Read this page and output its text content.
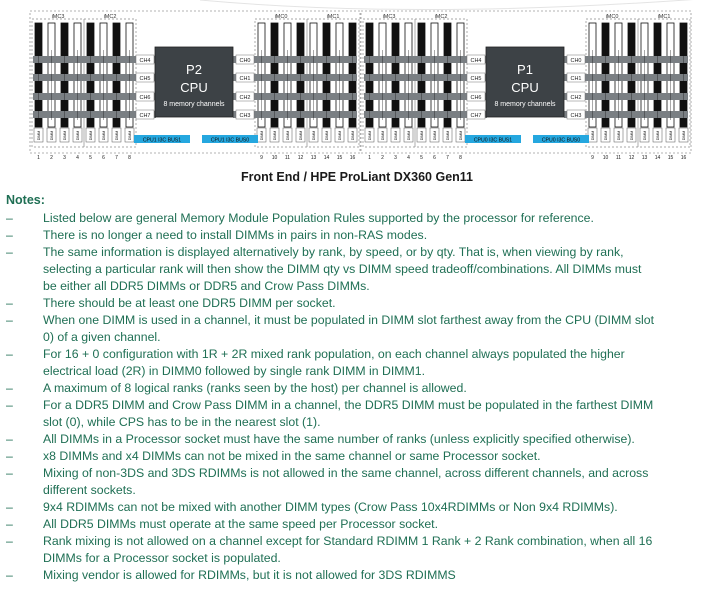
iMC3	iMC2	iMC0	iMC1
DIMM
1
DIMM
2
DIMM
3
DIMM
4
DIMM
5
DIMM
6
DIMM
7
DIMM
8
DIMM
9
DIMM
10
DIMM
11
DIMM
12
DIMM
13
DIMM
14
DIMM
15
DIMM
16
CH4	CH0
CH5	CH1
CH6	CH2
CH7	CH3
P2
CPU
8 memory channels
CPU1 I3C BUS1	CPU1 I3C BUS0
iMC3	iMC2	iMC0	iMC1
DIMM
1
DIMM
2
DIMM
3
DIMM
4
DIMM
5
DIMM
6
DIMM
7
DIMM
8
DIMM
9
DIMM
10
DIMM
11
DIMM
12
DIMM
13
DIMM
14
DIMM
15
DIMM
16
CH4	CH0
CH5	CH1
CH6	CH2
CH7	CH3
P1
CPU
8 memory channels
CPU0 I3C BUS1	CPU0 I3C BUS0
Front End / HPE ProLiant DX360 Gen11
Notes:
– Listed below are general Memory Module Population Rules supported by the processor for reference.
– There is no longer a need to install DIMMs in pairs in non-RAS modes.
– The same information is displayed alternatively by rank, by speed, or by qty. That is, when viewing by rank,
selecting a particular rank will then show the DIMM qty vs DIMM speed tradeoff/combinations. All DIMMs must
be either all DDR5 DIMMs or DDR5 and Crow Pass DIMMs.
– There should be at least one DDR5 DIMM per socket.
– When one DIMM is used in a channel, it must be populated in DIMM slot farthest away from the CPU (DIMM slot
0) of a given channel.
– For 16 + 0 configuration with 1R + 2R mixed rank population, on each channel always populated the higher
electrical load (2R) in DIMM0 followed by single rank DIMM in DIMM1.
– A maximum of 8 logical ranks (ranks seen by the host) per channel is allowed.
– For a DDR5 DIMM and Crow Pass DIMM in a channel, the DDR5 DIMM must be populated in the farthest DIMM
slot (0), while CPS has to be in the nearest slot (1).
– All DIMMs in a Processor socket must have the same number of ranks (unless explicitly specified otherwise).
– x8 DIMMs and x4 DIMMs can not be mixed in the same channel or same Processor socket.
– Mixing of non-3DS and 3DS RDIMMs is not allowed in the same channel, across different channels, and across
different sockets.
– 9x4 RDIMMs can not be mixed with another DIMM types (Crow Pass 10x4RDIMMs or Non 9x4 RDIMMs).
– All DDR5 DIMMs must operate at the same speed per Processor socket.
– Rank mixing is not allowed on a channel except for Standard RDIMM 1 Rank + 2 Rank combination, when all 16
DIMMs for a Processor socket is populated.
– Mixing vendor is allowed for RDIMMs, but it is not allowed for 3DS RDIMMS
